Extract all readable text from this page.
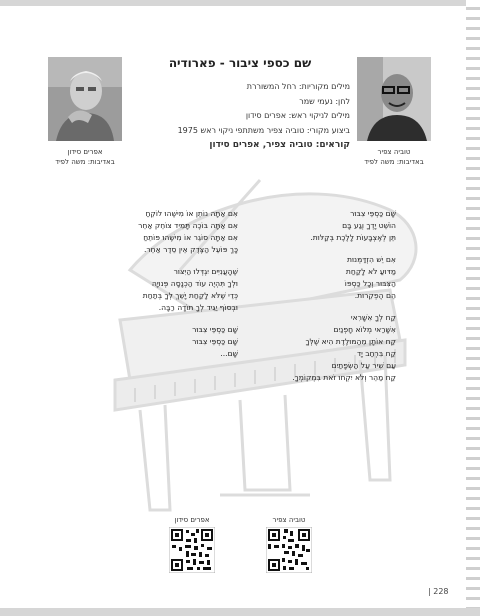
שם כספי ציבור - פארודיה
מילים מקוריות: רחל המשוררת
לחן: נעמי שמר
מילים לניקוי ראש: אפרים סידון
ביצוע מקורי: טוביה צפיר משתתפי ניקוי ראש 1975
קוראים: טוביה צפיר, אפרים סידון
אפרים סידון
באדיבות: משה לפיד
טוביה צפיר
באדיבות: משה לפיד
שָׁם כַּסְפֵּי צִבּוּר
הוֹשֵׁט יָדְךָ וְגַע בָּם
תֵּן לְאֶצְבָּעוֹת לָלֶכֶת בְּקַלּוּת.
אִם יֵשׁ הִזְדַּמְּנוּת
מַדּוּעַ לֹא לָקַחַת
הַצִּבּוּר וְכָל כַּסְפּוֹ
הֵם הֶפְקֵרוּת.
קַח לְךָ אִשָּׁרִאי
אִשָּׁרַאי מְלוֹא חָפְנַיִם
קַח אוֹתָן מֵהַמּוּלֶדֶת הִיא שֶׁלְּךָ
קַח בִּרְחַב יָד
עַם שִׁיר עַל הַשְּׂפָתַיִם
קַח מַהֵר וְלֹא יִקְחוּ זֹאת בִּמְקוֹמְךָ.
אִם אַתָּה נוֹתֵן אוֹ מִישֶׁהוּ לוֹקֵחַ
אִם אַתָּה בּוֹכֶה תָּמִיד צוֹחֵק אַחֵר
אִם אַתָּה סוֹגֵר אוֹ מִישֶׁהוּ פּוֹתֵחַ
כָּךְ פּוֹעֵל הַצֶּדֶק אֵין סֵדֶר אַחֵר.
שֶׁהָעֲנִיִּים יִגְדְּלוּ הַיִּצּוּר
וּלְךָ תִּהְיֶה עוֹד הַכְנָסָה פְּנוּיָה
כְּדֵי שֶׁלֹּא לָקַחַת יָשֵׁךְ לְךָ בְּתַחַת
וּבְסוֹף יַגִּיד לְךָ תּוֹדָה רַבָּה.
שָׁם כַּסְפֵּי צִבּוּר
שָׁם כַּסְפֵּי צִבּוּר
שָׁם...
אפרים סידון	טוביה צפיר
| 228
